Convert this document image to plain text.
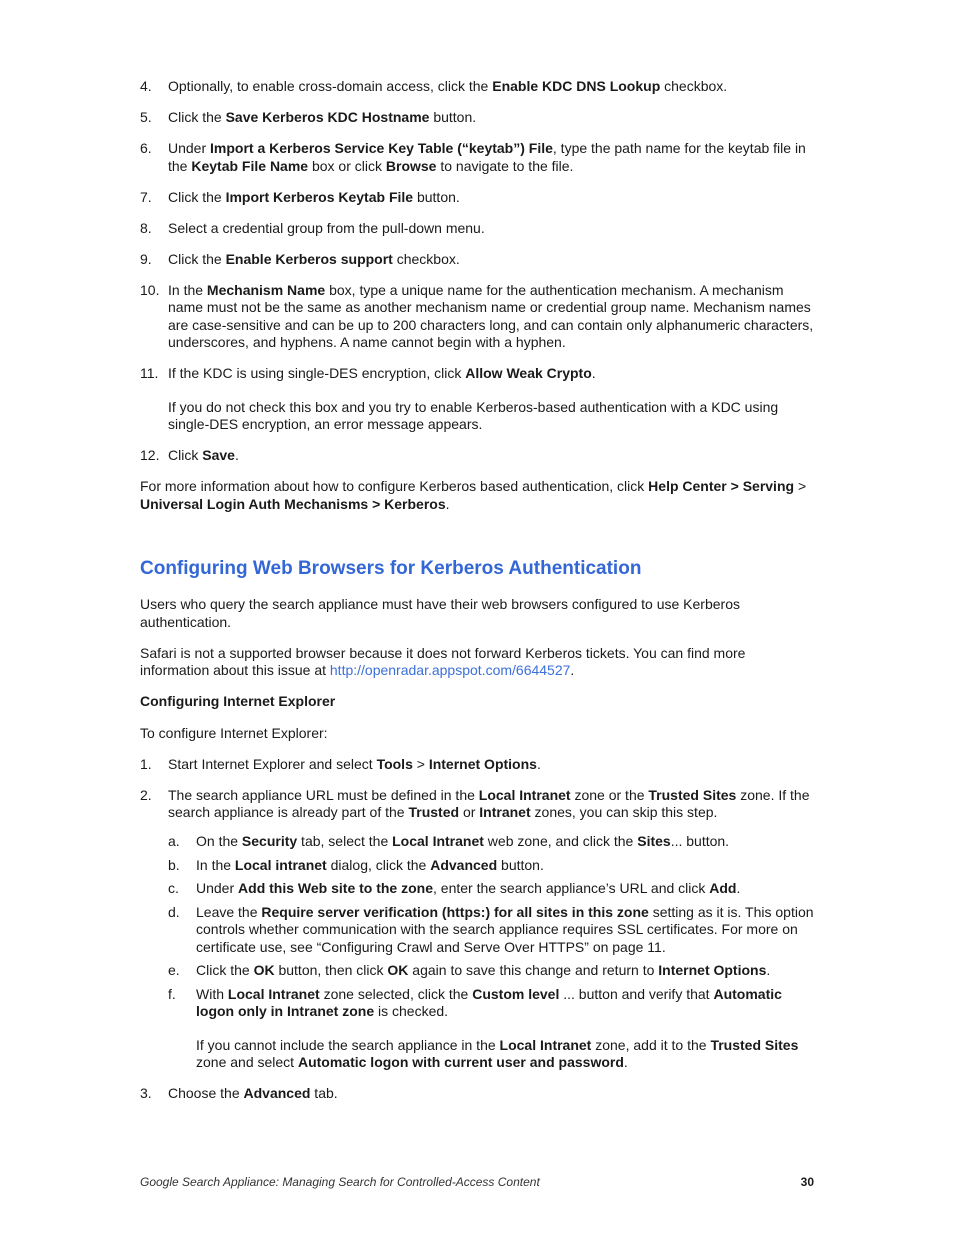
4. Optionally, to enable cross-domain access, click the Enable KDC DNS Lookup checkbox.
5. Click the Save Kerberos KDC Hostname button.
6. Under Import a Kerberos Service Key Table (“keytab”) File, type the path name for the keytab file in the Keytab File Name box or click Browse to navigate to the file.
7. Click the Import Kerberos Keytab File button.
8. Select a credential group from the pull-down menu.
9. Click the Enable Kerberos support checkbox.
10. In the Mechanism Name box, type a unique name for the authentication mechanism. A mechanism name must not be the same as another mechanism name or credential group name. Mechanism names are case-sensitive and can be up to 200 characters long, and can contain only alphanumeric characters, underscores, and hyphens. A name cannot begin with a hyphen.
11. If the KDC is using single-DES encryption, click Allow Weak Crypto.
If you do not check this box and you try to enable Kerberos-based authentication with a KDC using single-DES encryption, an error message appears.
12. Click Save.

For more information about how to configure Kerberos based authentication, click Help Center > Serving > Universal Login Auth Mechanisms > Kerberos.

Configuring Web Browsers for Kerberos Authentication

Users who query the search appliance must have their web browsers configured to use Kerberos authentication.

Safari is not a supported browser because it does not forward Kerberos tickets. You can find more information about this issue at http://openradar.appspot.com/6644527.

Configuring Internet Explorer

To configure Internet Explorer:

1. Start Internet Explorer and select Tools > Internet Options.
2. The search appliance URL must be defined in the Local Intranet zone or the Trusted Sites zone. If the search appliance is already part of the Trusted or Intranet zones, you can skip this step.
a. On the Security tab, select the Local Intranet web zone, and click the Sites... button.
b. In the Local intranet dialog, click the Advanced button.
c. Under Add this Web site to the zone, enter the search appliance’s URL and click Add.
d. Leave the Require server verification (https:) for all sites in this zone setting as it is. This option controls whether communication with the search appliance requires SSL certificates. For more on certificate use, see “Configuring Crawl and Serve Over HTTPS” on page 11.
e. Click the OK button, then click OK again to save this change and return to Internet Options.
f. With Local Intranet zone selected, click the Custom level ... button and verify that Automatic logon only in Intranet zone is checked.
If you cannot include the search appliance in the Local Intranet zone, add it to the Trusted Sites zone and select Automatic logon with current user and password.
3. Choose the Advanced tab.
Google Search Appliance: Managing Search for Controlled-Access Content	30
